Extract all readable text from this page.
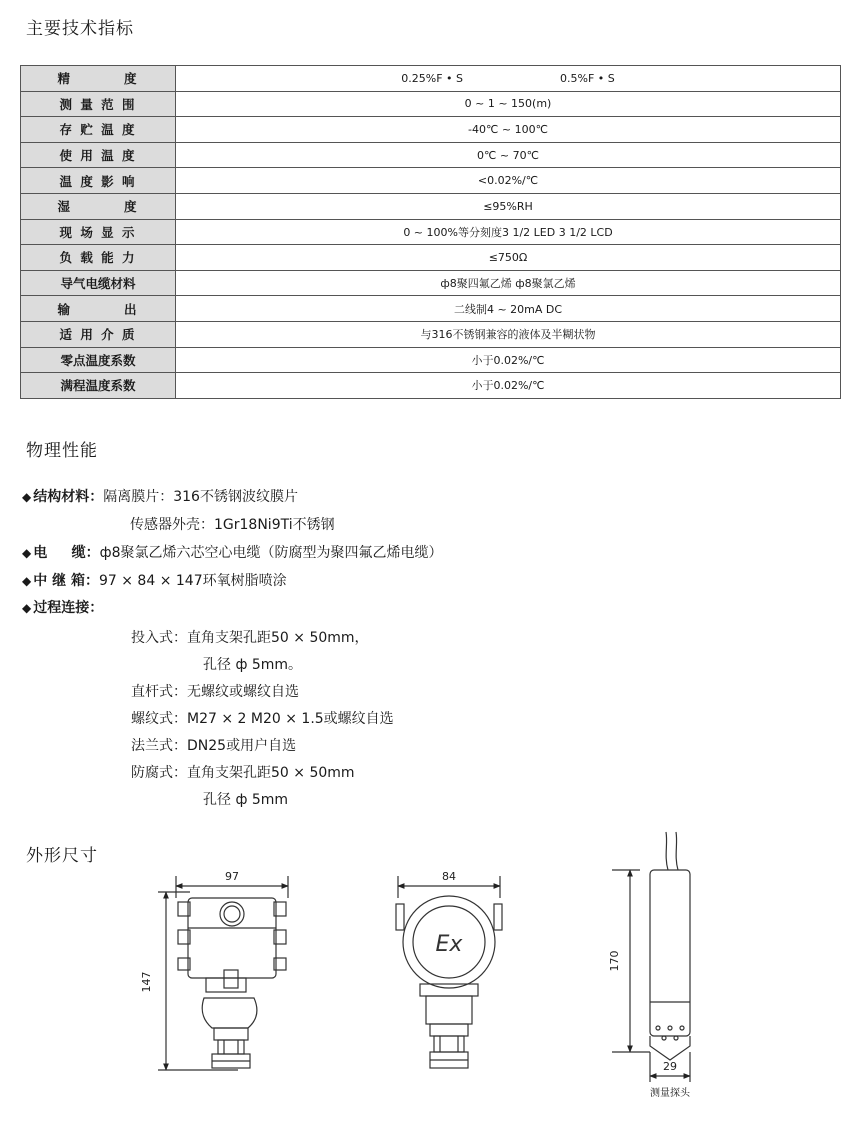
主要技术指标
精 度	0.25%F • S 0.5%F • S
测 量 范 围	0 ~ 1 ~ 150(m)
存 贮 温 度	-40℃ ~ 100℃
使 用 温 度	0℃ ~ 70℃
温 度 影 响	<0.02%/℃
湿 度	≤95%RH
现 场 显 示	0 ~ 100%等分刻度3 1/2 LED 3 1/2 LCD
负 载 能 力	≤750Ω
导气电缆材料	ф8聚四氟乙烯 ф8聚氯乙烯
输 出	二线制4 ~ 20mA DC
适 用 介 质	与316不锈钢兼容的液体及半糊状物
零点温度系数	小于0.02%/℃
满程温度系数	小于0.02%/℃
物理性能
◆ 结构材料：隔离膜片：316不锈钢波纹膜片
传感器外壳：1Gr18Ni9Ti不锈钢
◆ 电     缆：ф8聚氯乙烯六芯空心电缆（防腐型为聚四氟乙烯电缆）
◆ 中 继 箱：97 × 84 × 147环氧树脂喷涂
◆ 过程连接：
投入式：直角支架孔距50 × 50mm，
孔径 ф 5mm。
直杆式：无螺纹或螺纹自选
螺纹式：M27 × 2 M20 × 1.5或螺纹自选
法兰式：DN25或用户自选
防腐式：直角支架孔距50 × 50mm
孔径 ф 5mm
外形尺寸
97
147
84
Ex
170
29
测量探头
